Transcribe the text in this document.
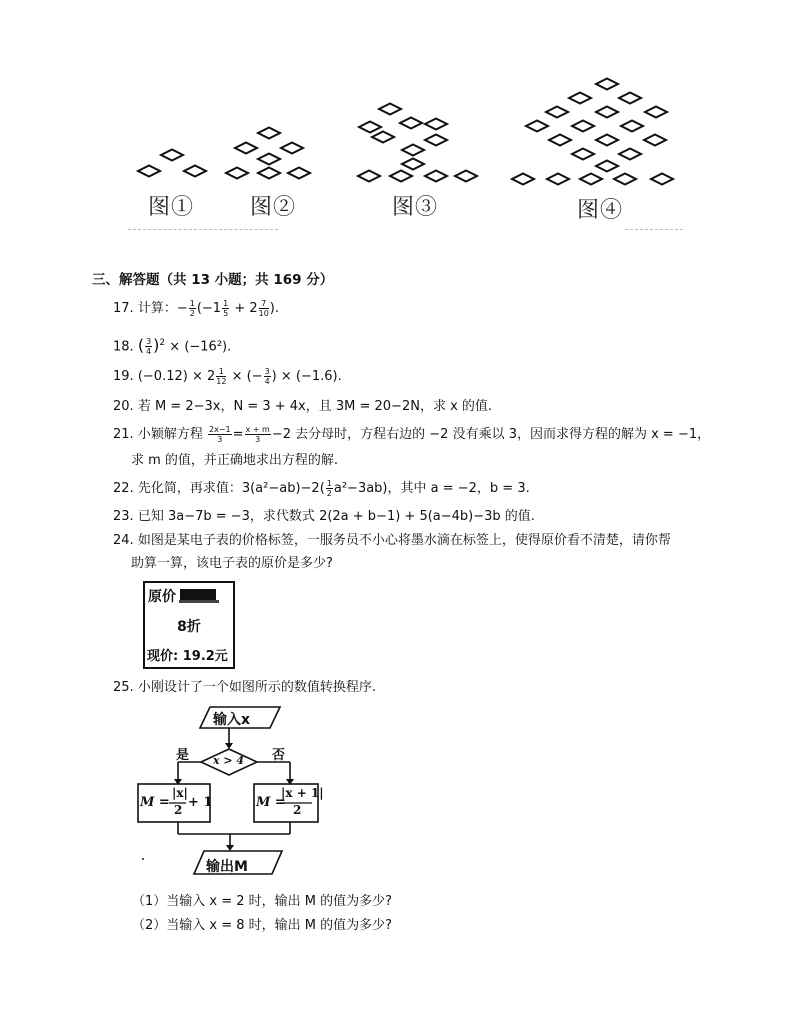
图①	图②	图③	图④
三、解答题（共 13 小题；共 169 分）
17. 计算：− $\frac{1}{2} (-1 \frac{1}{5} + 2 \frac{7}{10}$ ).
18. ( $\frac{3}{4} )^2 \times (-16^2)$.
19. $(-0.12) \times 2 \frac{1}{12}$ × (− $\frac{3}{4}$ ) × (−1.6).
20. 若 M = 2−3x，N = 3 + 4x，且 3M = 20−2N，求 x 的值.
21. 小颖解方程 $\frac{2x-1}{3} = \frac{x + m}{3} -2$ 去分母时，方程右边的 −2 没有乘以 3，因而求得方程的解为 x = −1，
求 m 的值，并正确地求出方程的解.
22. 先化简，再求值：$3(a^2-ab)-2( \frac{1}{2} a^2-3ab)$，其中 a = −2，b = 3.
23. 已知 3a−7b = −3，求代数式 2(2a + b−1) + 5(a−4b)−3b 的值.
24. 如图是某电子表的价格标签，一服务员不小心将墨水滴在标签上，使得原价看不清楚，请你帮
助算一算，该电子表的原价是多少?
原价
8折
现价: 19.2元
25. 小刚设计了一个如图所示的数值转换程序.
输入x
x > 4
是	否
M =
|x|
2 + 1	M =
|x + 1|
2
输出M
（1）当输入 x = 2 时，输出 M 的值为多少?
（2）当输入 x = 8 时，输出 M 的值为多少?
